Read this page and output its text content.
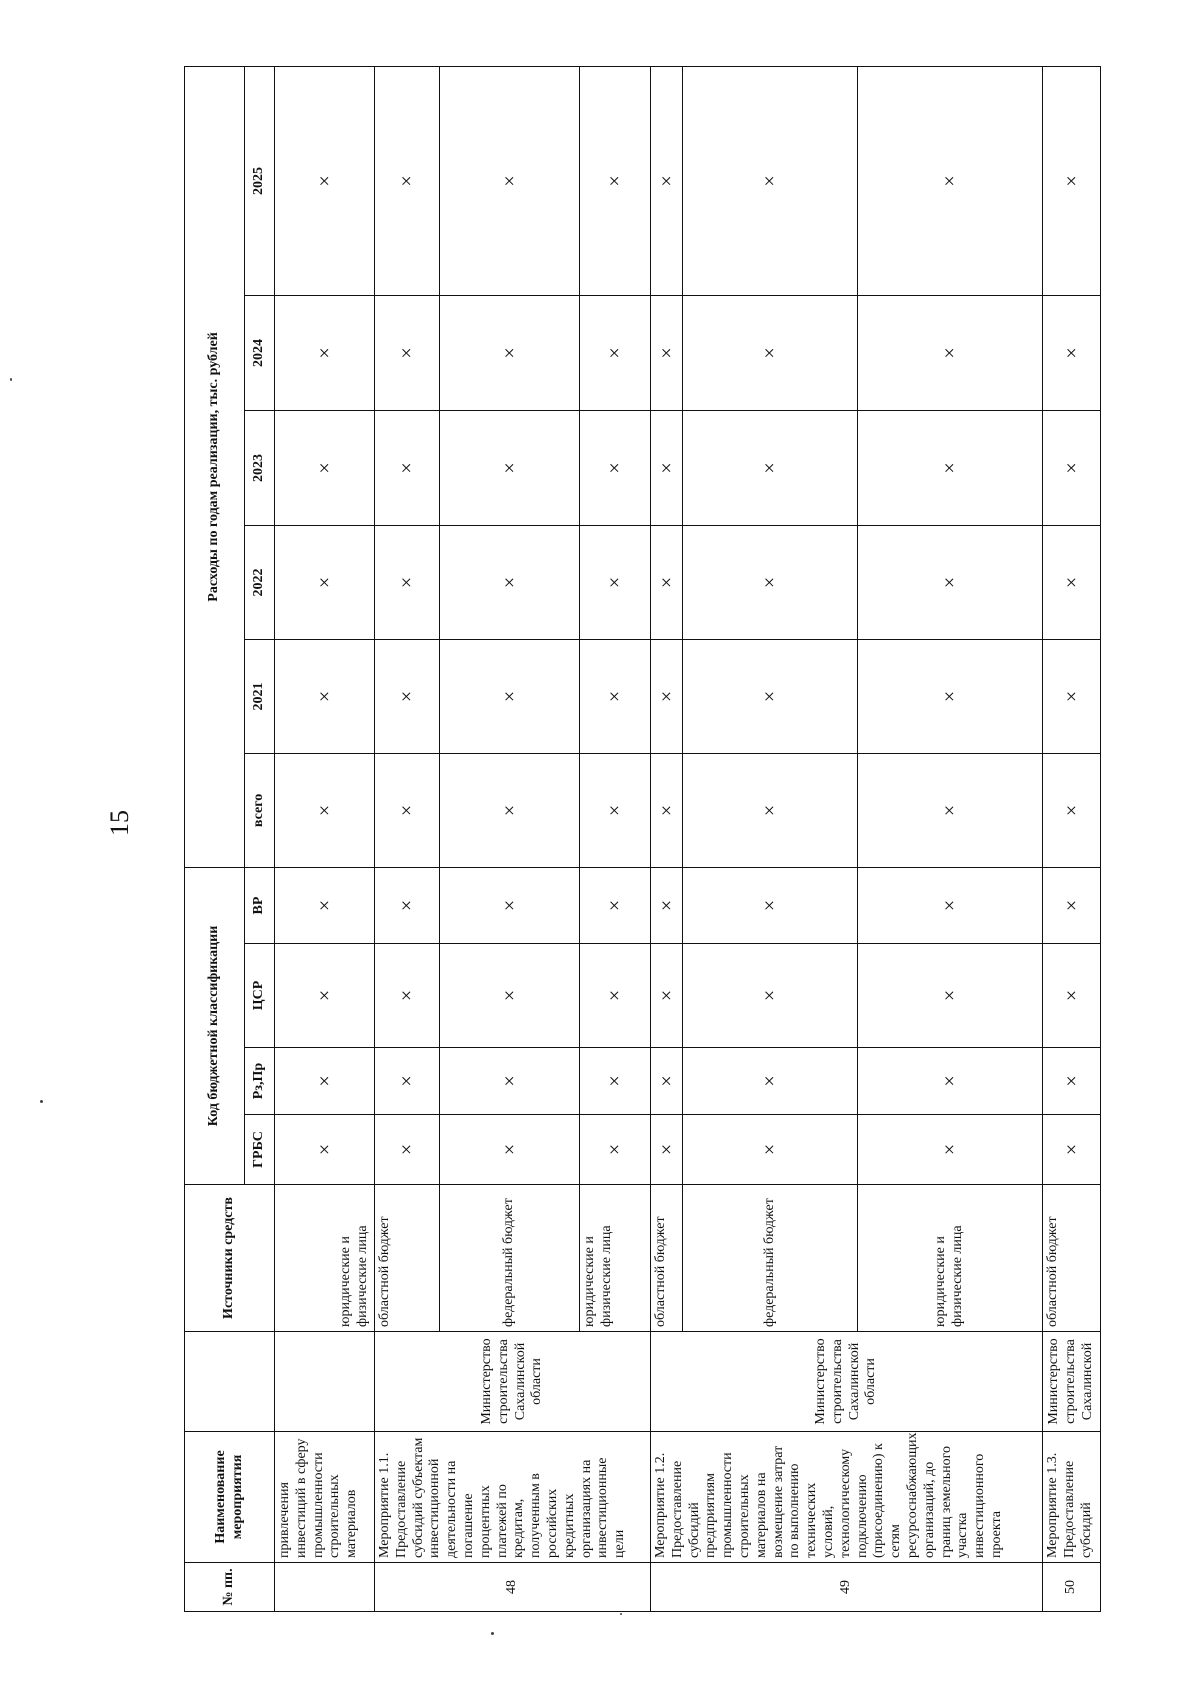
15
№ пп.	Наименование мероприятия		Источники средств	Код бюджетной классификации				Расходы по годам реализации, тыс. рублей					
				ГРБС	Рз,Пр	ЦСР	ВР	всего	2021	2022	2023	2024	2025
	привлечения инвестиций в сферу промышленности строительных материалов		юридические и физические лица	×	×	×	×	×	×	×	×	×	×
48	Мероприятие 1.1. Предоставление субсидий субъектам инвестиционной деятельности на погашение процентных платежей по кредитам, полученным в российских кредитных организациях на инвестиционные цели	Министерство строительства Сахалинской области	областной бюджет	×	×	×	×	×	×	×	×	×	×
			федеральный бюджет	×	×	×	×	×	×	×	×	×	×
			юридические и физические лица	×	×	×	×	×	×	×	×	×	×
49	Мероприятие 1.2. Предоставление субсидий предприятиям промышленности строительных материалов на возмещение затрат по выполнению технических условий, технологическому подключению (присоединению) к сетям ресурсоснабжающих организаций, до границ земельного участка инвестиционного проекта	Министерство строительства Сахалинской области	областной бюджет	×	×	×	×	×	×	×	×	×	×
			федеральный бюджет	×	×	×	×	×	×	×	×	×	×
			юридические и физические лица	×	×	×	×	×	×	×	×	×	×
50	Мероприятие 1.3. Предоставление субсидий	Министерство строительства Сахалинской	областной бюджет	×	×	×	×	×	×	×	×	×	×
